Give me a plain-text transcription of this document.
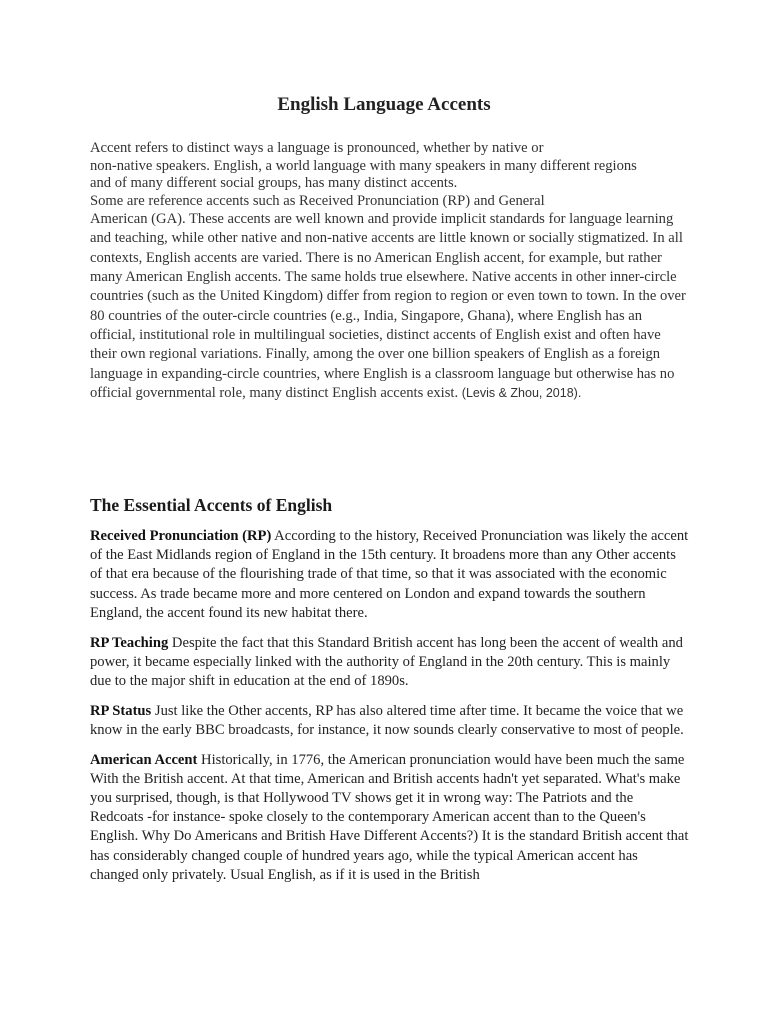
English Language Accents
Accent refers to distinct ways a language is pronounced, whether by native or
non-native speakers. English, a world language with many speakers in many different regions
and of many different social groups, has many distinct accents.
Some are reference accents such as Received Pronunciation (RP) and General

American (GA). These accents are well known and provide implicit standards for language learning and teaching, while other native and non-native accents are little known or socially stigmatized. In all contexts, English accents are varied. There is no American English accent, for example, but rather many American English accents. The same holds true elsewhere. Native accents in other inner-circle countries (such as the United Kingdom) differ from region to region or even town to town. In the over 80 countries of the outer-circle countries (e.g., India, Singapore, Ghana), where English has an official, institutional role in multilingual societies, distinct accents of English exist and often have their own regional variations. Finally, among the over one billion speakers of English as a foreign language in expanding-circle countries, where English is a classroom language but otherwise has no official governmental role, many distinct English accents exist. (Levis & Zhou, 2018).

The Essential Accents of English

Received Pronunciation (RP) According to the history, Received Pronunciation was likely the accent of the East Midlands region of England in the 15th century. It broadens more than any Other accents of that era because of the flourishing trade of that time, so that it was associated with the economic success. As trade became more and more centered on London and expand towards the southern England, the accent found its new habitat there.

RP Teaching Despite the fact that this Standard British accent has long been the accent of wealth and power, it became especially linked with the authority of England in the 20th century. This is mainly due to the major shift in education at the end of 1890s.

RP Status Just like the Other accents, RP has also altered time after time. It became the voice that we know in the early BBC broadcasts, for instance, it now sounds clearly conservative to most of people.

American Accent Historically, in 1776, the American pronunciation would have been much the same With the British accent. At that time, American and British accents hadn't yet separated. What's make you surprised, though, is that Hollywood TV shows get it in wrong way: The Patriots and the Redcoats -for instance- spoke closely to the contemporary American accent than to the Queen's English. Why Do Americans and British Have Different Accents?) It is the standard British accent that has considerably changed couple of hundred years ago, while the typical American accent has changed only privately. Usual English, as if it is used in the British
